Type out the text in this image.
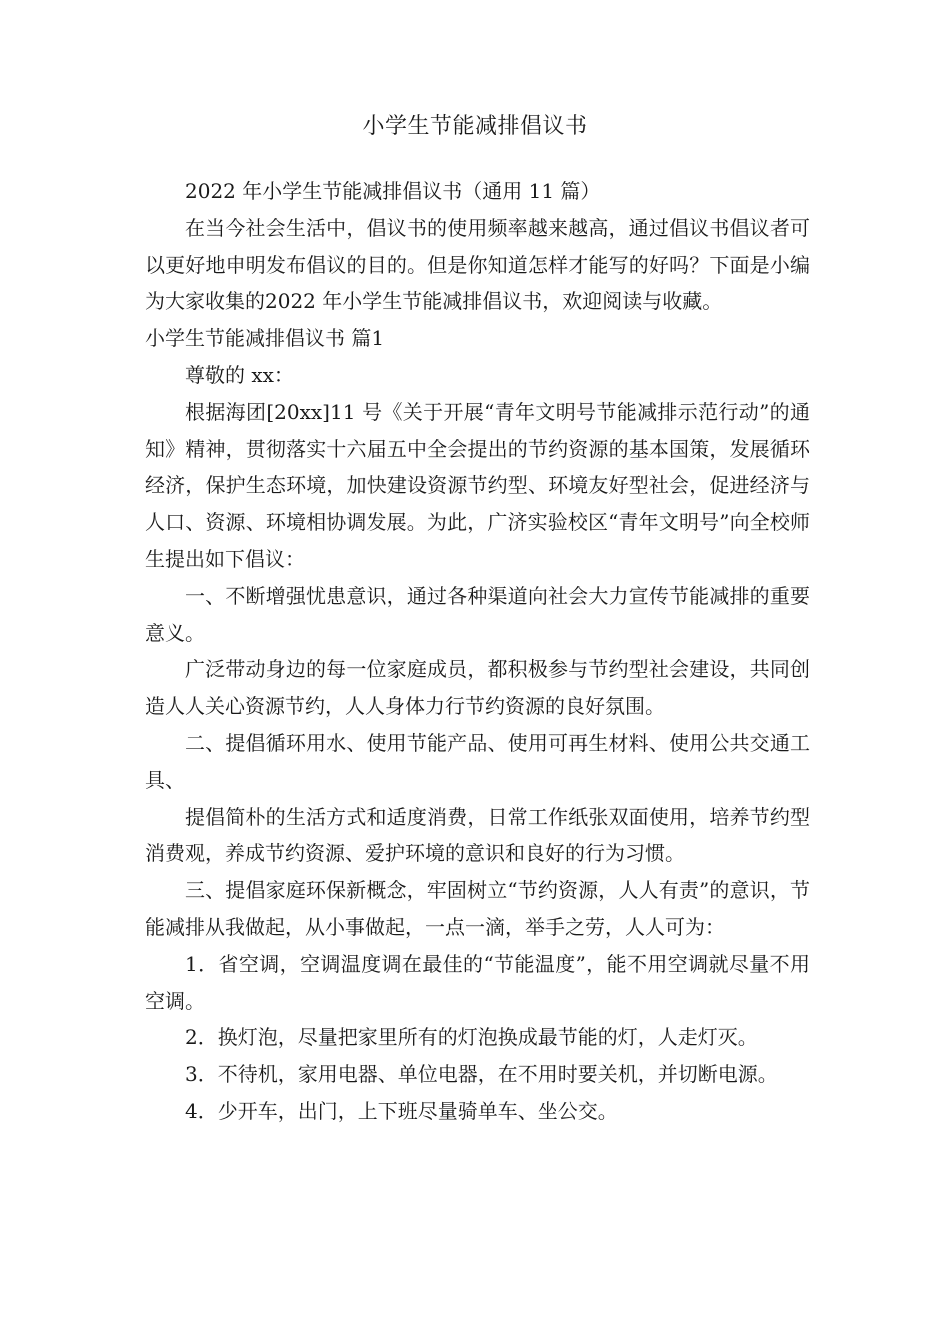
小学生节能减排倡议书

2022 年小学生节能减排倡议书（通用 11 篇）

在当今社会生活中，倡议书的使用频率越来越高，通过倡议书倡议者可以更好地申明发布倡议的目的。但是你知道怎样才能写的好吗？下面是小编为大家收集的2022 年小学生节能减排倡议书，欢迎阅读与收藏。

小学生节能减排倡议书 篇1

尊敬的 xx：

根据海团[20xx]11 号《关于开展“青年文明号节能减排示范行动”的通知》精神，贯彻落实十六届五中全会提出的节约资源的基本国策，发展循环经济，保护生态环境，加快建设资源节约型、环境友好型社会，促进经济与人口、资源、环境相协调发展。为此，广济实验校区“青年文明号”向全校师生提出如下倡议：

一、不断增强忧患意识，通过各种渠道向社会大力宣传节能减排的重要意义。

广泛带动身边的每一位家庭成员，都积极参与节约型社会建设，共同创造人人关心资源节约，人人身体力行节约资源的良好氛围。

二、提倡循环用水、使用节能产品、使用可再生材料、使用公共交通工具、

提倡简朴的生活方式和适度消费，日常工作纸张双面使用，培养节约型消费观，养成节约资源、爱护环境的意识和良好的行为习惯。

三、提倡家庭环保新概念，牢固树立“节约资源，人人有责”的意识，节能减排从我做起，从小事做起，一点一滴，举手之劳，人人可为：

1．省空调，空调温度调在最佳的“节能温度”，能不用空调就尽量不用空调。

2．换灯泡，尽量把家里所有的灯泡换成最节能的灯，人走灯灭。

3．不待机，家用电器、单位电器，在不用时要关机，并切断电源。

4．少开车，出门，上下班尽量骑单车、坐公交。
